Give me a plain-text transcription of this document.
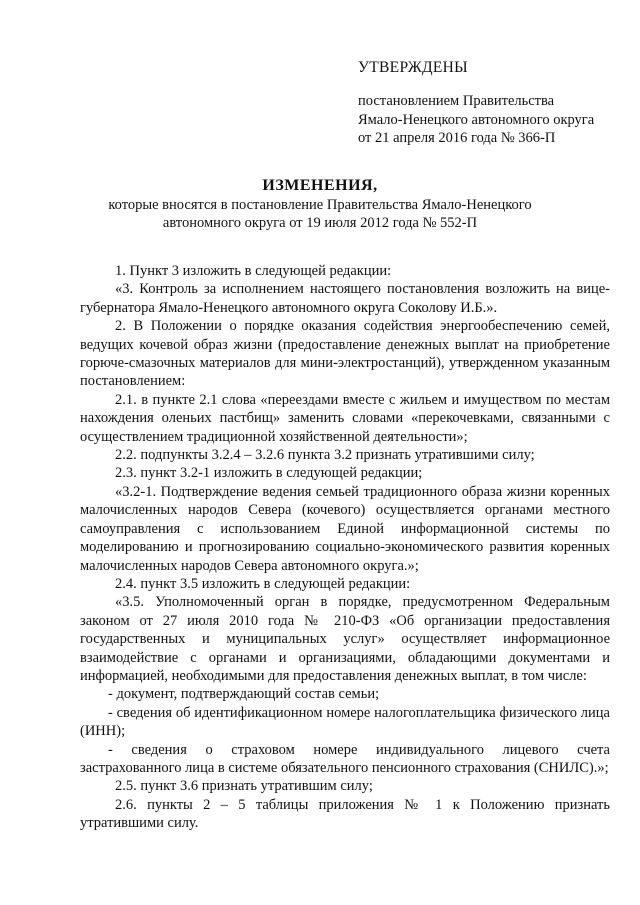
УТВЕРЖДЕНЫ
постановлением Правительства
Ямало-Ненецкого автономного округа
от 21 апреля 2016 года № 366-П
ИЗМЕНЕНИЯ,
которые вносятся в постановление Правительства Ямало-Ненецкого
автономного округа от 19 июля 2012 года № 552-П

1. Пункт 3 изложить в следующей редакции:

«3. Контроль за исполнением настоящего постановления возложить на вице-губернатора Ямало-Ненецкого автономного округа Соколову И.Б.».

2. В Положении о порядке оказания содействия энергообеспечению семей, ведущих кочевой образ жизни (предоставление денежных выплат на приобретение горюче-смазочных материалов для мини-электростанций), утвержденном указанным постановлением:

2.1. в пункте 2.1 слова «переездами вместе с жильем и имуществом по местам нахождения оленьих пастбищ» заменить словами «перекочевками, связанными с осуществлением традиционной хозяйственной деятельности»;

2.2. подпункты 3.2.4 – 3.2.6 пункта 3.2 признать утратившими силу;

2.3. пункт 3.2-1 изложить в следующей редакции;

«3.2-1. Подтверждение ведения семьей традиционного образа жизни коренных малочисленных народов Севера (кочевого) осуществляется органами местного самоуправления с использованием Единой информационной системы по моделированию и прогнозированию социально-экономического развития коренных малочисленных народов Севера автономного округа.»;

2.4. пункт 3.5 изложить в следующей редакции:

«3.5. Уполномоченный орган в порядке, предусмотренном Федеральным законом от 27 июля 2010 года № 210-ФЗ «Об организации предоставления государственных и муниципальных услуг» осуществляет информационное взаимодействие с органами и организациями, обладающими документами и информацией, необходимыми для предоставления денежных выплат, в том числе:

- документ, подтверждающий состав семьи;

- сведения об идентификационном номере налогоплательщика физического лица (ИНН);

- сведения о страховом номере индивидуального лицевого счета застрахованного лица в системе обязательного пенсионного страхования (СНИЛС).»;

2.5. пункт 3.6 признать утратившим силу;

2.6. пункты 2 – 5 таблицы приложения № 1 к Положению признать утратившими силу.
